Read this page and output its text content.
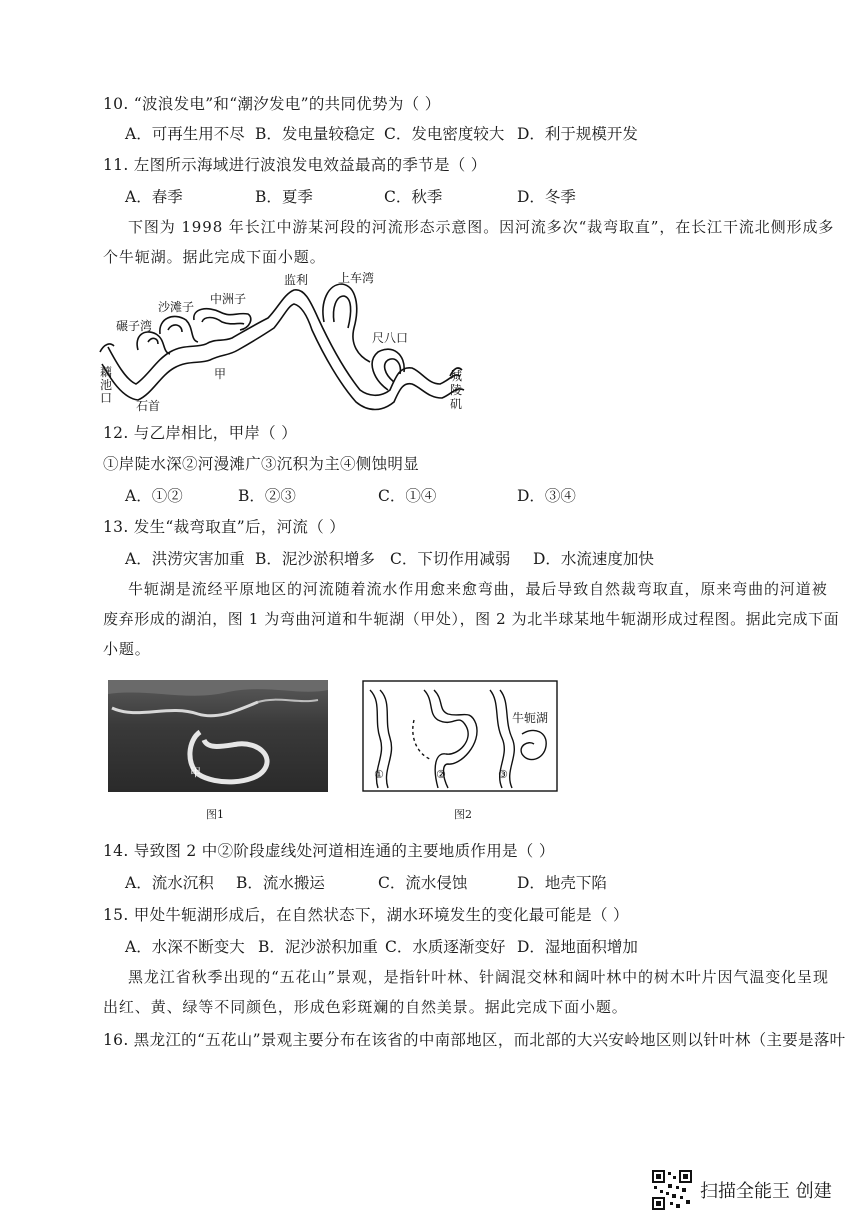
10. “波浪发电”和“潮汐发电”的共同优势为（ ）
A．可再生用不尽 B．发电量较稳定 C．发电密度较大 D．利于规模开发
11. 左图所示海域进行波浪发电效益最高的季节是（ ）
A．春季	B．夏季	C．秋季	D．冬季
下图为 1998 年长江中游某河段的河流形态示意图。因河流多次“裁弯取直”，在长江干流北侧形成多
个牛轭湖。据此完成下面小题。
监利 上车湾
中洲子
沙滩子
碾子湾
尺八口
甲
石首
藕
池
口
城
陵
矶
12. 与乙岸相比，甲岸（ ）
①岸陡水深②河漫滩广③沉积为主④侧蚀明显
A．①②	B．②③	C．①④	D．③④
13. 发生“裁弯取直”后，河流（ ）
A．洪涝灾害加重 B．泥沙淤积增多 C．下切作用减弱 D．水流速度加快
牛轭湖是流经平原地区的河流随着流水作用愈来愈弯曲，最后导致自然裁弯取直，原来弯曲的河道被
废弃形成的湖泊，图 1 为弯曲河道和牛轭湖（甲处），图 2 为北半球某地牛轭湖形成过程图。据此完成下面
小题。
甲
图1
①	②	③
牛轭湖
图2
14. 导致图 2 中②阶段虚线处河道相连通的主要地质作用是（ ）
A．流水沉积 B．流水搬运	C．流水侵蚀	D．地壳下陷
15. 甲处牛轭湖形成后，在自然状态下，湖水环境发生的变化最可能是（ ）
A．水深不断变大 B．泥沙淤积加重 C．水质逐渐变好 D．湿地面积增加
黑龙江省秋季出现的“五花山”景观，是指针叶林、针阔混交林和阔叶林中的树木叶片因气温变化呈现
出红、黄、绿等不同颜色，形成色彩斑斓的自然美景。据此完成下面小题。
16. 黑龙江的“五花山”景观主要分布在该省的中南部地区，而北部的大兴安岭地区则以针叶林（主要是落叶
扫描全能王 创建
